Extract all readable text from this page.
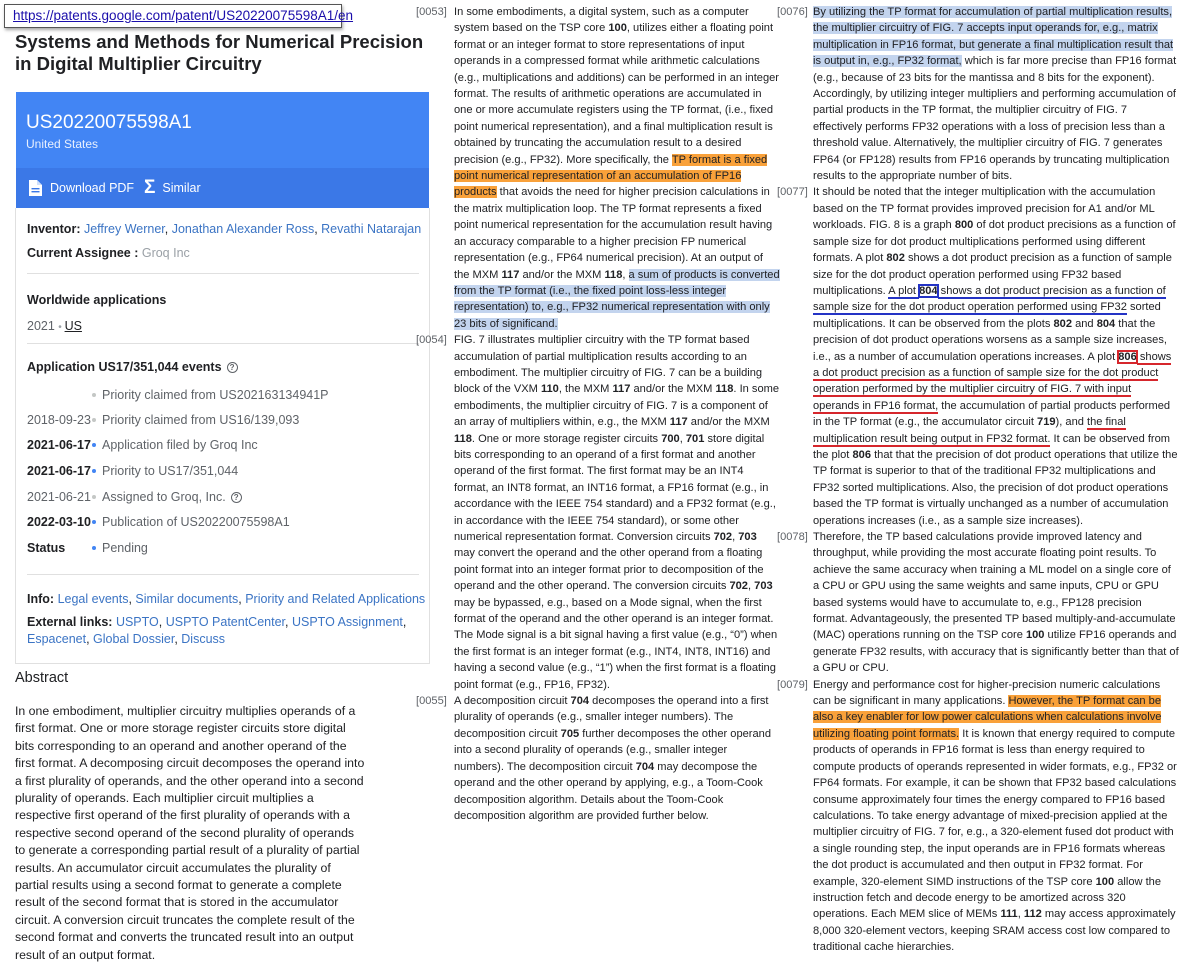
https://patents.google.com/patent/US20220075598A1/en
Systems and Methods for Numerical Precision in Digital Multiplier Circuitry
US20220075598A1
United States
Download PDF Σ Similar
Inventor: Jeffrey Werner, Jonathan Alexander Ross, Revathi Natarajan
Current Assignee : Groq Inc
Worldwide applications
2021 • US
Application US17/351,044 events ?
Priority claimed from US202163134941P
2018-09-23 Priority claimed from US16/139,093
2021-06-17 Application filed by Groq Inc
2021-06-17 Priority to US17/351,044
2021-06-21 Assigned to Groq, Inc. ?
2022-03-10 Publication of US20220075598A1
Status	Pending
Info: Legal events, Similar documents, Priority and Related Applications
External links: USPTO, USPTO PatentCenter, USPTO Assignment, Espacenet, Global Dossier, Discuss
Abstract
In one embodiment, multiplier circuitry multiplies operands of a first format. One or more storage register circuits store digital bits corresponding to an operand and another operand of the first format. A decomposing circuit decomposes the operand into a first plurality of operands, and the other operand into a second plurality of operands. Each multiplier circuit multiplies a respective first operand of the first plurality of operands with a respective second operand of the second plurality of operands to generate a corresponding partial result of a plurality of partial results. An accumulator circuit accumulates the plurality of partial results using a second format to generate a complete result of the second format that is stored in the accumulator circuit. A conversion circuit truncates the complete result of the second format and converts the truncated result into an output result of an output format.
[0053] In some embodiments, a digital system, such as a computer system based on the TSP core 100, utilizes either a floating point format or an integer format to store representations of input operands in a compressed format while arithmetic calculations (e.g., multiplications and additions) can be performed in an integer format. The results of arithmetic operations are accumulated in one or more accumulate registers using the TP format, (i.e., fixed point numerical representation), and a final multiplication result is obtained by truncating the accumulation result to a desired precision (e.g., FP32). More specifically, the TP format is a fixed point numerical representation of an accumulation of FP16 products that avoids the need for higher precision calculations in the matrix multiplication loop. The TP format represents a fixed point numerical representation for the accumulation result having an accuracy comparable to a higher precision FP numerical representation (e.g., FP64 numerical precision). At an output of the MXM 117 and/or the MXM 118, a sum of products is converted from the TP format (i.e., the fixed point loss-less integer representation) to, e.g., FP32 numerical representation with only 23 bits of significand.
[0054] FIG. 7 illustrates multiplier circuitry with the TP format based accumulation of partial multiplication results according to an embodiment. The multiplier circuitry of FIG. 7 can be a building block of the VXM 110, the MXM 117 and/or the MXM 118. In some embodiments, the multiplier circuitry of FIG. 7 is a component of an array of multipliers within, e.g., the MXM 117 and/or the MXM 118. One or more storage register circuits 700, 701 store digital bits corresponding to an operand of a first format and another operand of the first format. The first format may be an INT4 format, an INT8 format, an INT16 format, a FP16 format (e.g., in accordance with the IEEE 754 standard) and a FP32 format (e.g., in accordance with the IEEE 754 standard), or some other numerical representation format. Conversion circuits 702, 703 may convert the operand and the other operand from a floating point format into an integer format prior to decomposition of the operand and the other operand. The conversion circuits 702, 703 may be bypassed, e.g., based on a Mode signal, when the first format of the operand and the other operand is an integer format. The Mode signal is a bit signal having a first value (e.g., “0”) when the first format is an integer format (e.g., INT4, INT8, INT16) and having a second value (e.g., “1”) when the first format is a floating point format (e.g., FP16, FP32).
[0055] A decomposition circuit 704 decomposes the operand into a first plurality of operands (e.g., smaller integer numbers). The decomposition circuit 705 further decomposes the other operand into a second plurality of operands (e.g., smaller integer numbers). The decomposition circuit 704 may decompose the operand and the other operand by applying, e.g., a Toom-Cook decomposition algorithm. Details about the Toom-Cook decomposition algorithm are provided further below.
[0076] By utilizing the TP format for accumulation of partial multiplication results, the multiplier circuitry of FIG. 7 accepts input operands for, e.g., matrix multiplication in FP16 format, but generate a final multiplication result that is output in, e.g., FP32 format, which is far more precise than FP16 format (e.g., because of 23 bits for the mantissa and 8 bits for the exponent). Accordingly, by utilizing integer multipliers and performing accumulation of partial products in the TP format, the multiplier circuitry of FIG. 7 effectively performs FP32 operations with a loss of precision less than a threshold value. Alternatively, the multiplier circuitry of FIG. 7 generates FP64 (or FP128) results from FP16 operands by truncating multiplication results to the appropriate number of bits.
[0077] It should be noted that the integer multiplication with the accumulation based on the TP format provides improved precision for A1 and/or ML workloads. FIG. 8 is a graph 800 of dot product precisions as a function of sample size for dot product multiplications performed using different formats. A plot 802 shows a dot product precision as a function of sample size for the dot product operation performed using FP32 based multiplications. A plot 804 shows a dot product precision as a function of sample size for the dot product operation performed using FP32 sorted multiplications. It can be observed from the plots 802 and 804 that the precision of dot product operations worsens as a sample size increases, i.e., as a number of accumulation operations increases. A plot 806 shows a dot product precision as a function of sample size for the dot product operation performed by the multiplier circuitry of FIG. 7 with input operands in FP16 format, the accumulation of partial products performed in the TP format (e.g., the accumulator circuit 719), and the final multiplication result being output in FP32 format. It can be observed from the plot 806 that that the precision of dot product operations that utilize the TP format is superior to that of the traditional FP32 multiplications and FP32 sorted multiplications. Also, the precision of dot product operations based the TP format is virtually unchanged as a number of accumulation operations increases (i.e., as a sample size increases).
[0078] Therefore, the TP based calculations provide improved latency and throughput, while providing the most accurate floating point results. To achieve the same accuracy when training a ML model on a single core of a CPU or GPU using the same weights and same inputs, CPU or GPU based systems would have to accumulate to, e.g., FP128 precision format. Advantageously, the presented TP based multiply-and-accumulate (MAC) operations running on the TSP core 100 utilize FP16 operands and generate FP32 results, with accuracy that is significantly better than that of a GPU or CPU.
[0079] Energy and performance cost for higher-precision numeric calculations can be significant in many applications. However, the TP format can be also a key enabler for low power calculations when calculations involve utilizing floating point formats. It is known that energy required to compute products of operands in FP16 format is less than energy required to compute products of operands represented in wider formats, e.g., FP32 or FP64 formats. For example, it can be shown that FP32 based calculations consume approximately four times the energy compared to FP16 based calculations. To take energy advantage of mixed-precision applied at the multiplier circuitry of FIG. 7 for, e.g., a 320-element fused dot product with a single rounding step, the input operands are in FP16 formats whereas the dot product is accumulated and then output in FP32 format. For example, 320-element SIMD instructions of the TSP core 100 allow the instruction fetch and decode energy to be amortized across 320 operations. Each MEM slice of MEMs 111, 112 may access approximately 8,000 320-element vectors, keeping SRAM access cost low compared to traditional cache hierarchies.
